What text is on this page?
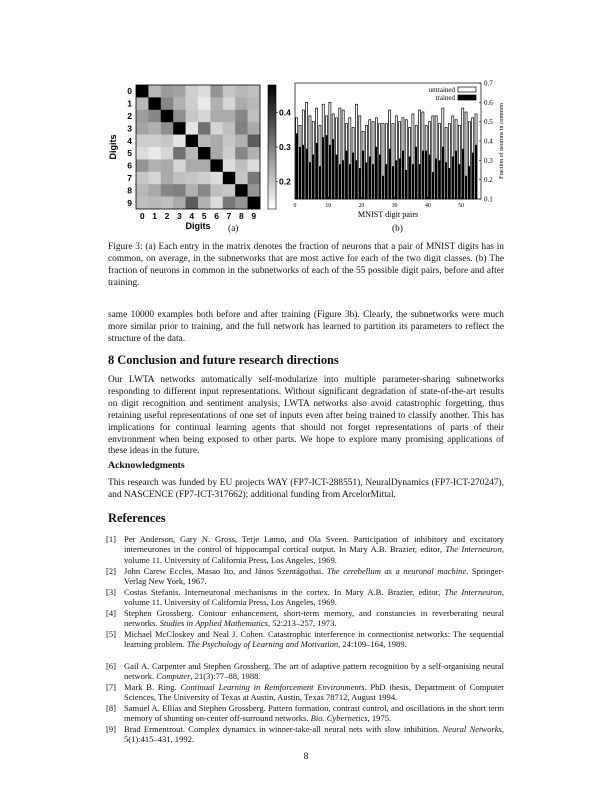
0
1
2
3
4
5
6
7
8
9
0 1 2 3 4 5 6 7 8 9
Digits
Digits
0.4
0.3
0.2
(a)
0	10	20	30	40	50
0.1
0.2
0.3
0.4
0.5
0.6
0.7
MNIST digit pairs
Fraction of neurons in common
untrained
trained
(b)
Figure 3: (a) Each entry in the matrix denotes the fraction of neurons that a pair of MNIST digits has in common, on average, in the subnetworks that are most active for each of the two digit classes. (b) The fraction of neurons in common in the subnetworks of each of the 55 possible digit pairs, before and after training.
same 10000 examples both before and after training (Figure 3b). Clearly, the subnetworks were much more similar prior to training, and the full network has learned to partition its parameters to reflect the structure of the data.
8 Conclusion and future research directions
Our LWTA networks automatically self-modularize into multiple parameter-sharing subnetworks responding to different input representations. Without significant degradation of state-of-the-art results on digit recognition and sentiment analysis, LWTA networks also avoid catastrophic forgetting, thus retaining useful representations of one set of inputs even after being trained to classify another. This has implications for continual learning agents that should not forget representations of parts of their environment when being exposed to other parts. We hope to explore many promising applications of these ideas in the future.
Acknowledgments
This research was funded by EU projects WAY (FP7-ICT-288551), NeuralDynamics (FP7-ICT-270247), and NASCENCE (FP7-ICT-317662); additional funding from ArcelorMittal.
References
[1] Per Anderson, Gary N. Gross, Terje Lømo, and Ola Sveen. Participation of inhibitory and excitatory interneurones in the control of hippocampal cortical output. In Mary A.B. Brazier, editor, The Interneuron, volume 11. University of California Press, Los Angeles, 1969.
[2] John Carew Eccles, Masao Ito, and János Szentágothai. The cerebellum as a neuronal machine. Springer-Verlag New York, 1967.
[3] Costas Stefanis. Interneuronal mechanisms in the cortex. In Mary A.B. Brazier, editor, The Interneuron, volume 11. University of California Press, Los Angeles, 1969.
[4] Stephen Grossberg. Contour enhancement, short-term memory, and constancies in reverberating neural networks. Studies in Applied Mathematics, 52:213–257, 1973.
[5] Michael McCloskey and Neal J. Cohen. Catastrophic interference in connectionist networks: The sequential learning problem. The Psychology of Learning and Motivation, 24:109–164, 1989.
[6] Gail A. Carpenter and Stephen Grossberg. The art of adaptive pattern recognition by a self-organising neural network. Computer, 21(3):77–88, 1988.
[7] Mark B. Ring. Continual Learning in Reinforcement Environments. PhD thesis, Department of Computer Sciences, The University of Texas at Austin, Austin, Texas 78712, August 1994.
[8] Samuel A. Ellias and Stephen Grossberg. Pattern formation, contrast control, and oscillations in the short term memory of shunting on-center off-surround networks. Bio. Cybernetics, 1975.
[9] Brad Ermentrout. Complex dynamics in winner-take-all neural nets with slow inhibition. Neural Networks, 5(1):415–431, 1992.
8
